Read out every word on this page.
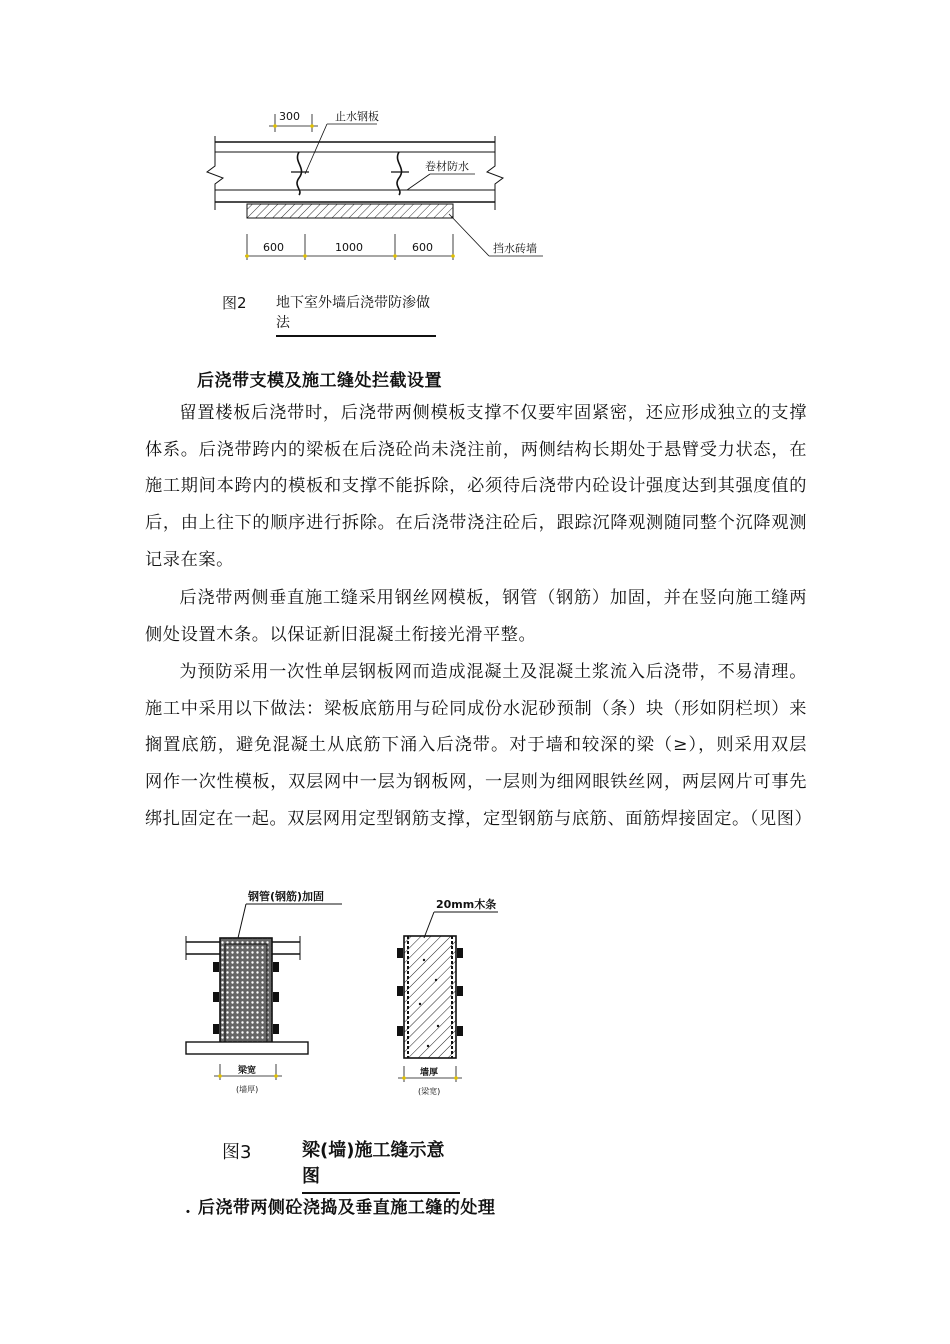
300	止水钢板
卷材防水
挡水砖墙
600	1000	600
图2 地下室外墙后浇带防渗做法
后浇带支模及施工缝处拦截设置

留置楼板后浇带时，后浇带两侧模板支撑不仅要牢固紧密，还应形成独立的支撑体系。后浇带跨内的梁板在后浇砼尚未浇注前，两侧结构长期处于悬臂受力状态，在施工期间本跨内的模板和支撑不能拆除，必须待后浇带内砼设计强度达到其强度值的后，由上往下的顺序进行拆除。在后浇带浇注砼后，跟踪沉降观测随同整个沉降观测记录在案。

后浇带两侧垂直施工缝采用钢丝网模板，钢管（钢筋）加固，并在竖向施工缝两侧处设置木条。以保证新旧混凝土衔接光滑平整。

为预防采用一次性单层钢板网而造成混凝土及混凝土浆流入后浇带，不易清理。施工中采用以下做法：梁板底筋用与砼同成份水泥砂预制（条）块（形如阴栏坝）来搁置底筋，避免混凝土从底筋下涌入后浇带。对于墙和较深的梁（≥），则采用双层网作一次性模板，双层网中一层为钢板网，一层则为细网眼铁丝网，两层网片可事先绑扎固定在一起。双层网用定型钢筋支撑，定型钢筋与底筋、面筋焊接固定。（见图）

钢管(钢筋)加固
梁宽
(墙厚)
20mm木条
墙厚
(梁宽)
图3	梁(墙)施工缝示意图
. 后浇带两侧砼浇捣及垂直施工缝的处理
